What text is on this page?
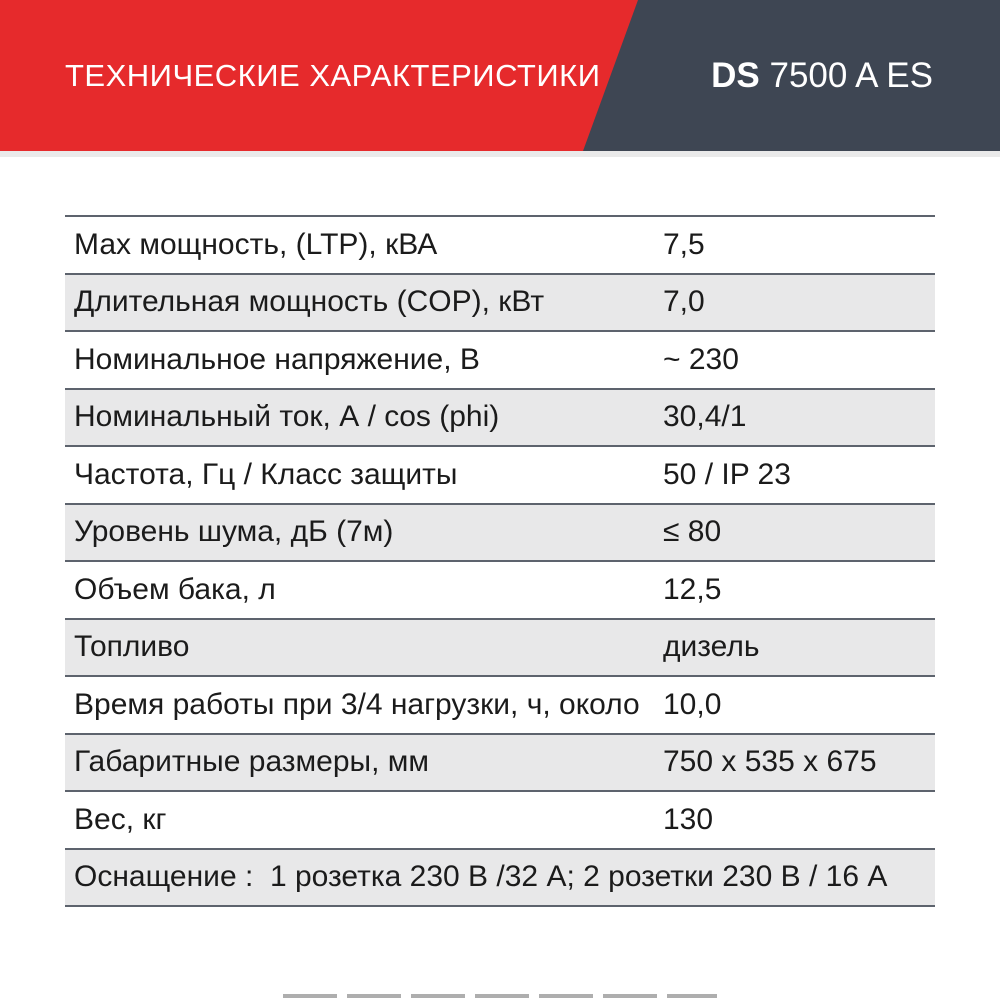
ТЕХНИЧЕСКИЕ ХАРАКТЕРИСТИКИ	DS 7500 A ES
Мах мощность, (LTP), кВА	7,5
Длительная мощность (COP), кВт	7,0
Номинальное напряжение, В	~ 230
Номинальный ток, А / cos (phi)	30,4/1
Частота, Гц / Класс защиты	50 / IP 23
Уровень шума, дБ (7м)	≤ 80
Объем бака, л	12,5
Топливо	дизель
Время работы при 3/4 нагрузки, ч, около 10,0
Габаритные размеры, мм	750 x 535 x 675
Вес, кг	130
Оснащение :  1 розетка 230 В /32 А; 2 розетки 230 В / 16 А
